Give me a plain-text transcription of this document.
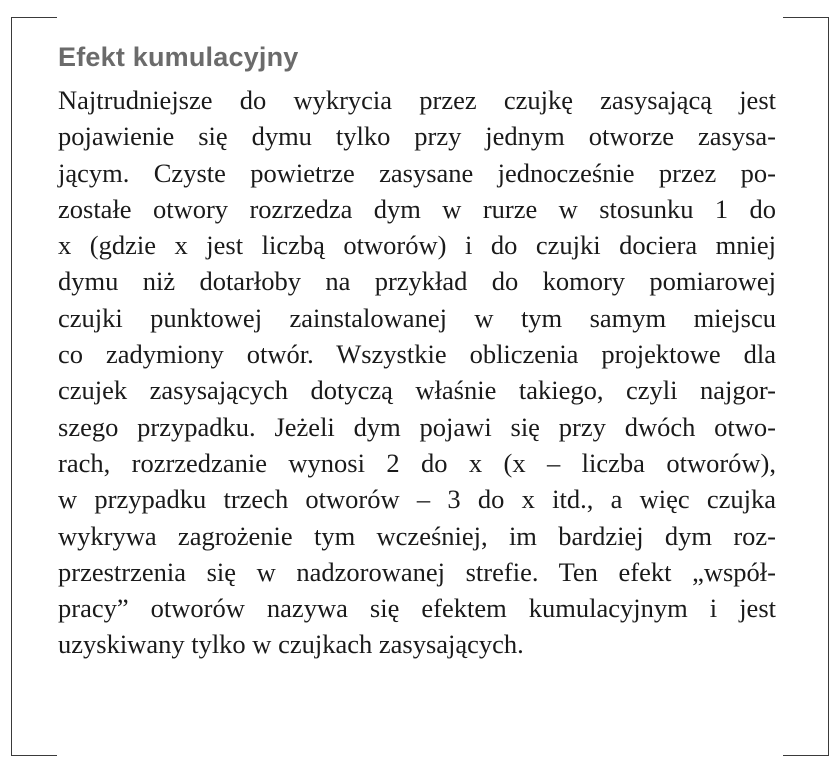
Efekt kumulacyjny
Najtrudniejsze do wykrycia przez czujkę zasysającą jest
pojawienie się dymu tylko przy jednym otworze zasysa-
jącym. Czyste powietrze zasysane jednocześnie przez po-
zostałe otwory rozrzedza dym w rurze w stosunku 1 do
x (gdzie x jest liczbą otworów) i do czujki dociera mniej
dymu niż dotarłoby na przykład do komory pomiarowej
czujki punktowej zainstalowanej w tym samym miejscu
co zadymiony otwór. Wszystkie obliczenia projektowe dla
czujek zasysających dotyczą właśnie takiego, czyli najgor-
szego przypadku. Jeżeli dym pojawi się przy dwóch otwo-
rach, rozrzedzanie wynosi 2 do x (x – liczba otworów),
w przypadku trzech otworów – 3 do x itd., a więc czujka
wykrywa zagrożenie tym wcześniej, im bardziej dym roz-
przestrzenia się w nadzorowanej strefie. Ten efekt „współ-
pracy” otworów nazywa się efektem kumulacyjnym i jest
uzyskiwany tylko w czujkach zasysających.
